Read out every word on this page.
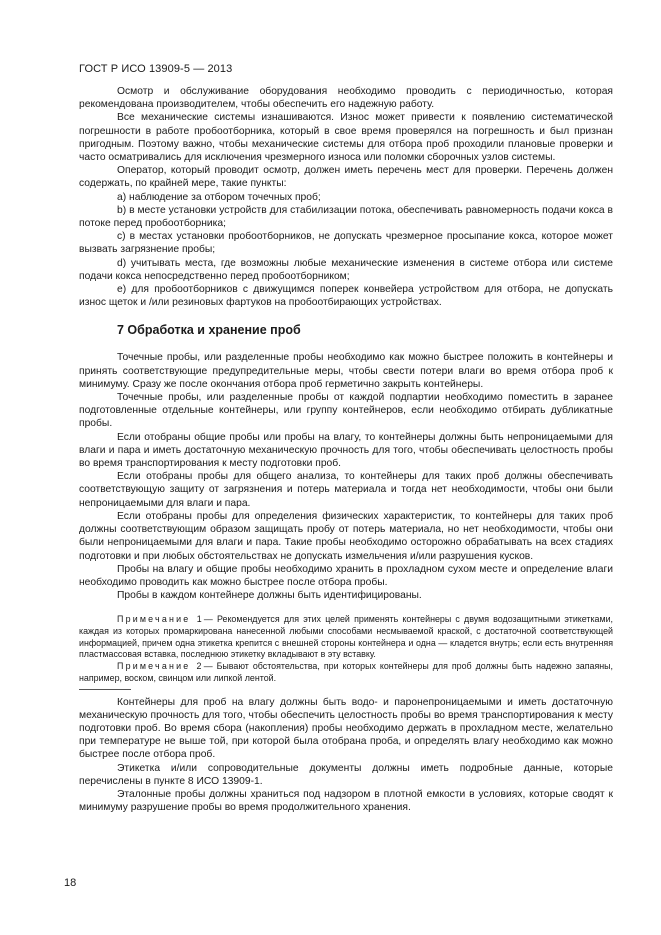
ГОСТ Р ИСО 13909-5 — 2013

Осмотр и обслуживание оборудования необходимо проводить с периодичностью, которая рекомендована производителем, чтобы обеспечить его надежную работу.

Все механические системы изнашиваются. Износ может привести к появлению систематической погрешности в работе пробоотборника, который в свое время проверялся на погрешность и был признан пригодным. Поэтому важно, чтобы механические системы для отбора проб проходили плановые проверки и часто осматривались для исключения чрезмерного износа или поломки сборочных узлов системы.

Оператор, который проводит осмотр, должен иметь перечень мест для проверки. Перечень должен содержать, по крайней мере, такие пункты:

a) наблюдение за отбором точечных проб;

b) в месте установки устройств для стабилизации потока, обеспечивать равномерность подачи кокса в потоке перед пробоотборника;

c) в местах установки пробоотборников, не допускать чрезмерное просыпание кокса, которое может вызвать загрязнение пробы;

d) учитывать места, где возможны любые механические изменения в системе отбора или системе подачи кокса непосредственно перед пробоотборником;

e) для пробоотборников с движущимся поперек конвейера устройством для отбора, не допускать износ щеток и /или резиновых фартуков на пробоотбирающих устройствах.

7 Обработка и хранение проб

Точечные пробы, или разделенные пробы необходимо как можно быстрее положить в контейнеры и принять соответствующие предупредительные меры, чтобы свести потери влаги во время отбора проб к минимуму. Сразу же после окончания отбора проб герметично закрыть контейнеры.

Точечные пробы, или разделенные пробы от каждой подпартии необходимо поместить в заранее подготовленные отдельные контейнеры, или группу контейнеров, если необходимо отбирать дубликатные пробы.

Если отобраны общие пробы или пробы на влагу, то контейнеры должны быть непроницаемыми для влаги и пара и иметь достаточную механическую прочность для того, чтобы обеспечивать целостность пробы во время транспортирования к месту подготовки проб.

Если отобраны пробы для общего анализа, то контейнеры для таких проб должны обеспечивать соответствующую защиту от загрязнения и потерь материала и тогда нет необходимости, чтобы они были непроницаемыми для влаги и пара.

Если отобраны пробы для определения физических характеристик, то контейнеры для таких проб должны соответствующим образом защищать пробу от потерь материала, но нет необходимости, чтобы они были непроницаемыми для влаги и пара. Такие пробы необходимо осторожно обрабатывать на всех стадиях подготовки и при любых обстоятельствах не допускать измельчения и/или разрушения кусков.

Пробы на влагу и общие пробы необходимо хранить в прохладном сухом месте и определение влаги необходимо проводить как можно быстрее после отбора пробы.

Пробы в каждом контейнере должны быть идентифицированы.

Примечание 1— Рекомендуется для этих целей применять контейнеры с двумя водозащитными этикетками, каждая из которых промаркирована нанесенной любыми способами несмываемой краской, с достаточной соответствующей информацией, причем одна этикетка крепится с внешней стороны контейнера и одна — кладется внутрь; если есть внутренняя пластмассовая вставка, последнюю этикетку вкладывают в эту вставку.

Примечание 2— Бывают обстоятельства, при которых контейнеры для проб должны быть надежно запаяны, например, воском, свинцом или липкой лентой.

Контейнеры для проб на влагу должны быть водо- и паронепроницаемыми и иметь достаточную механическую прочность для того, чтобы обеспечить целостность пробы во время транспортирования к месту подготовки проб. Во время сбора (накопления) пробы необходимо держать в прохладном месте, желательно при температуре не выше той, при которой была отобрана проба, и определять влагу необходимо как можно быстрее после отбора проб.

Этикетка и/или сопроводительные документы должны иметь подробные данные, которые перечислены в пункте 8 ИСО 13909-1.

Эталонные пробы должны храниться под надзором в плотной емкости в условиях, которые сводят к минимуму разрушение пробы во время продолжительного хранения.

18
